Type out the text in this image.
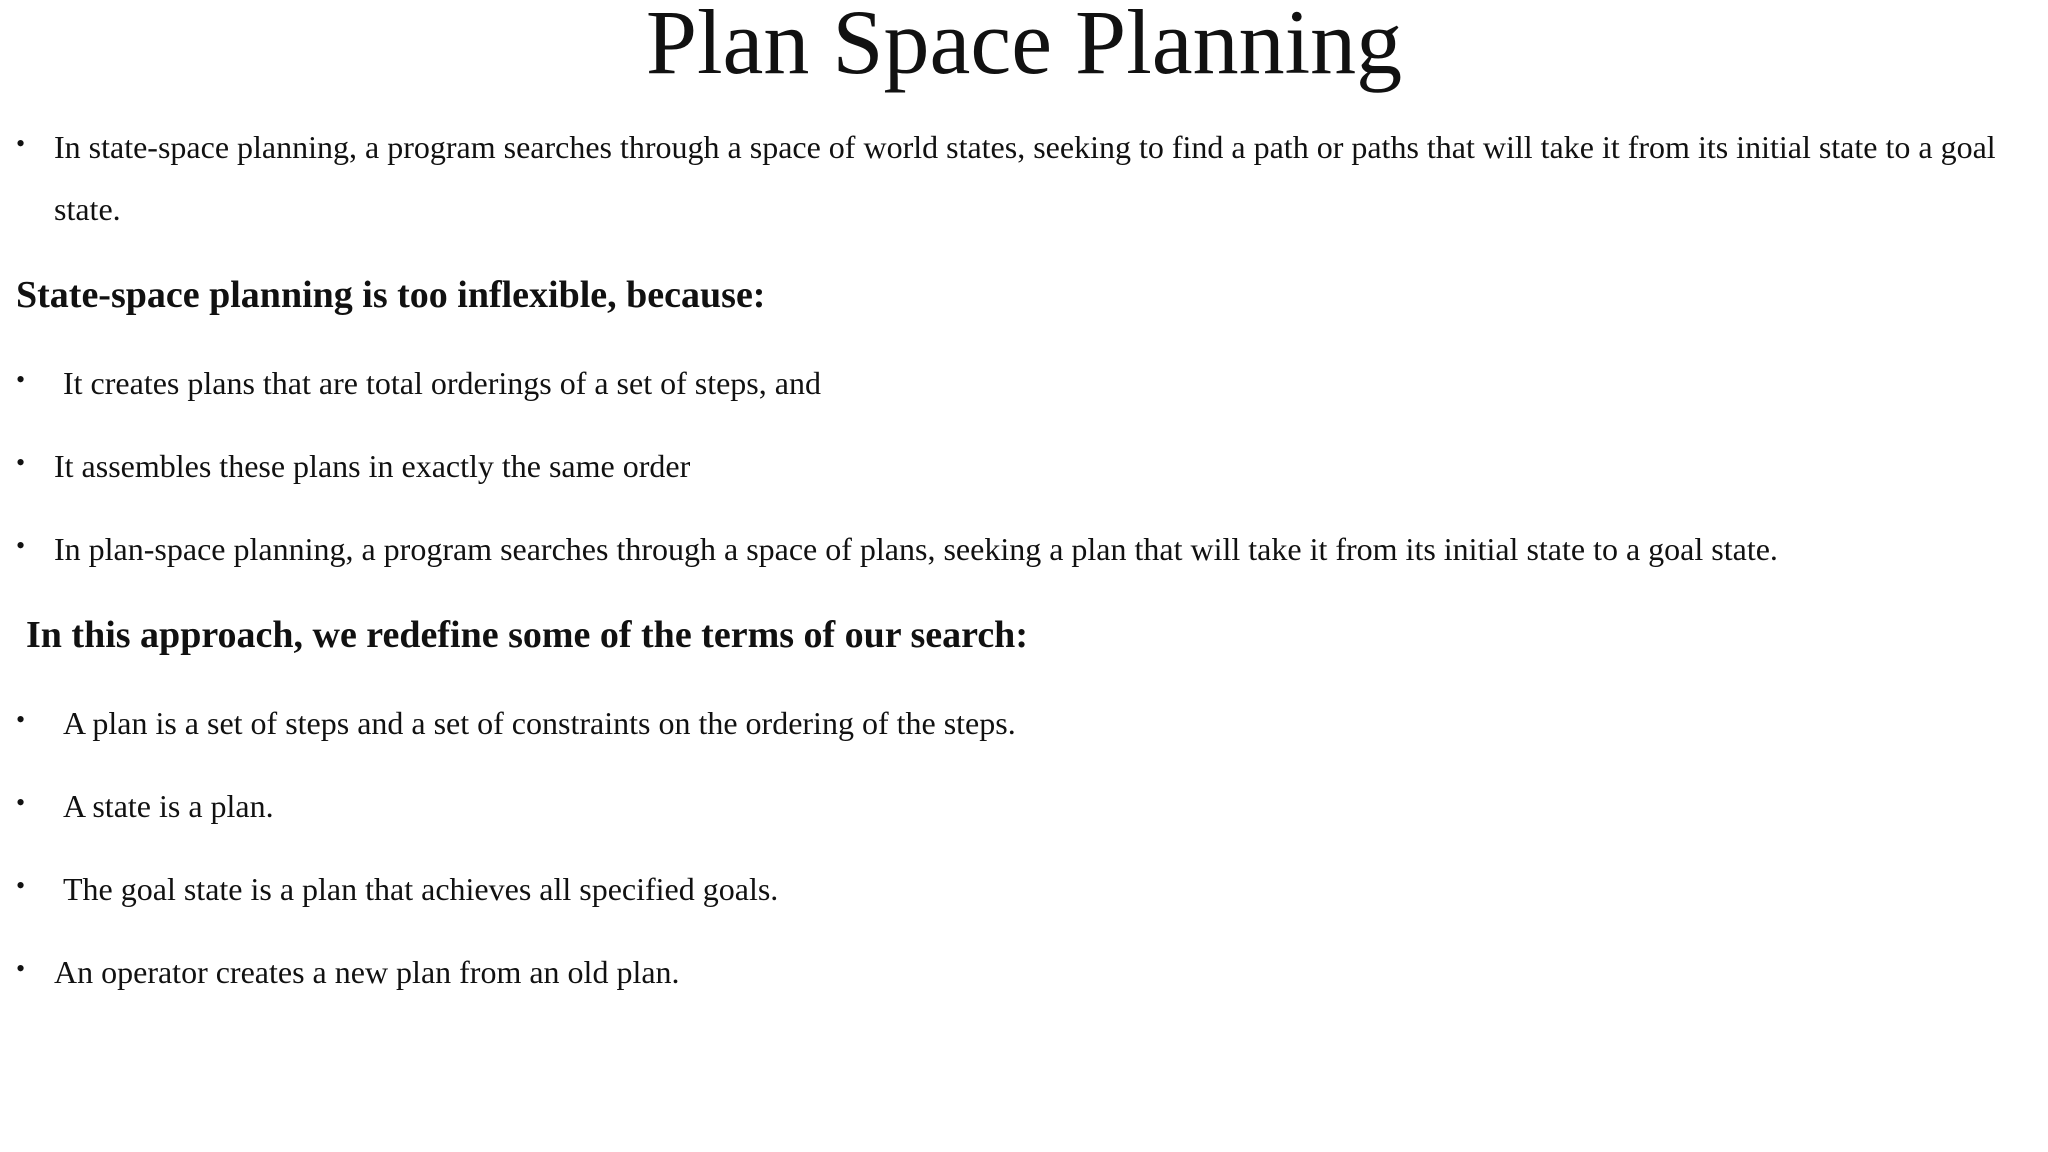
Plan Space Planning
• In state-space planning, a program searches through a space of world states, seeking to find a path or paths that will take it from its initial state to a goal state.
State-space planning is too inflexible, because:
• It creates plans that are total orderings of a set of steps, and
• It assembles these plans in exactly the same order
• In plan-space planning, a program searches through a space of plans, seeking a plan that will take it from its initial state to a goal state.
In this approach, we redefine some of the terms of our search:
• A plan is a set of steps and a set of constraints on the ordering of the steps.
• A state is a plan.
• The goal state is a plan that achieves all specified goals.
• An operator creates a new plan from an old plan.
